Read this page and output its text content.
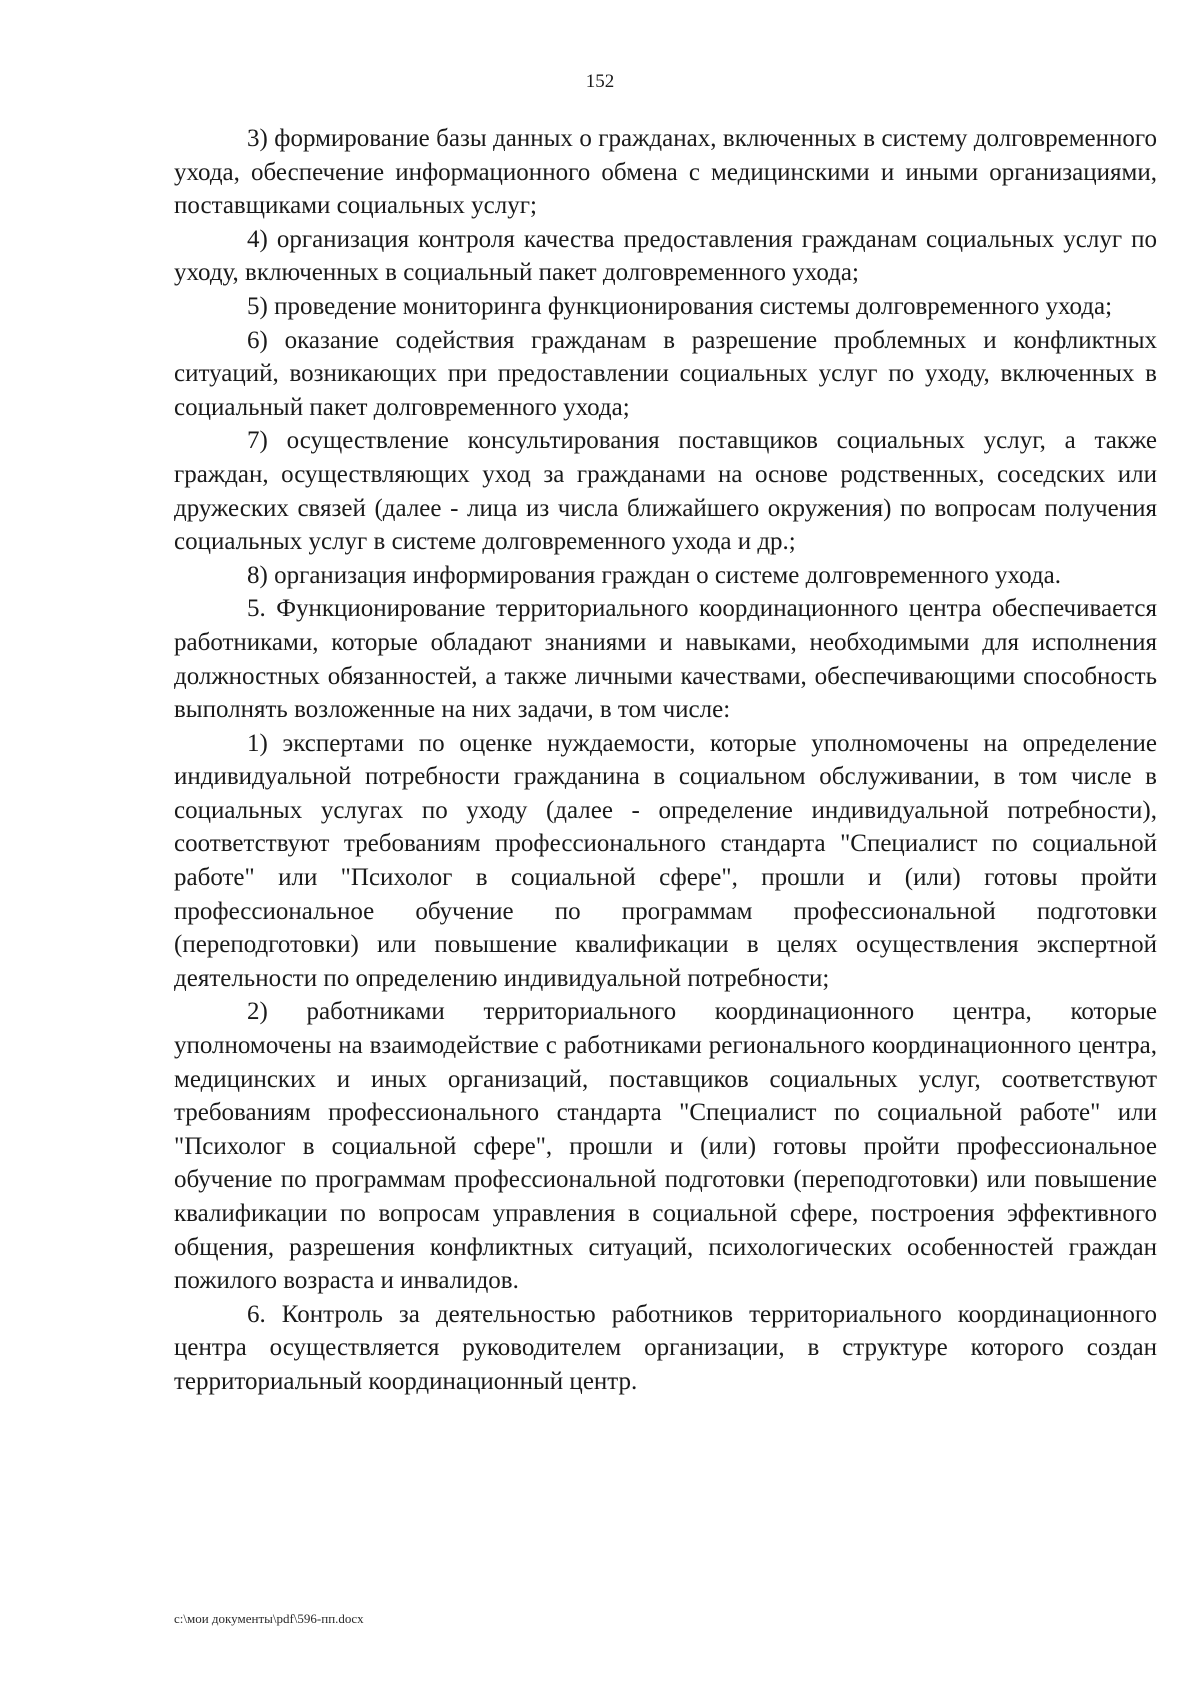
152

3) формирование базы данных о гражданах, включенных в систему долговременного ухода, обеспечение информационного обмена с медицинскими и иными организациями, поставщиками социальных услуг;

4) организация контроля качества предоставления гражданам социальных услуг по уходу, включенных в социальный пакет долговременного ухода;

5) проведение мониторинга функционирования системы долговременного ухода;

6) оказание содействия гражданам в разрешение проблемных и конфликтных ситуаций, возникающих при предоставлении социальных услуг по уходу, включенных в социальный пакет долговременного ухода;

7) осуществление консультирования поставщиков социальных услуг, а также граждан, осуществляющих уход за гражданами на основе родственных, соседских или дружеских связей (далее - лица из числа ближайшего окружения) по вопросам получения социальных услуг в системе долговременного ухода и др.;

8) организация информирования граждан о системе долговременного ухода.

5. Функционирование территориального координационного центра обеспечивается работниками, которые обладают знаниями и навыками, необходимыми для исполнения должностных обязанностей, а также личными качествами, обеспечивающими способность выполнять возложенные на них задачи, в том числе:

1) экспертами по оценке нуждаемости, которые уполномочены на определение индивидуальной потребности гражданина в социальном обслуживании, в том числе в социальных услугах по уходу (далее - определение индивидуальной потребности), соответствуют требованиям профессионального стандарта "Специалист по социальной работе" или "Психолог в социальной сфере", прошли и (или) готовы пройти профессиональное обучение по программам профессиональной подготовки (переподготовки) или повышение квалификации в целях осуществления экспертной деятельности по определению индивидуальной потребности;

2) работниками территориального координационного центра, которые уполномочены на взаимодействие с работниками регионального координационного центра, медицинских и иных организаций, поставщиков социальных услуг, соответствуют требованиям профессионального стандарта "Специалист по социальной работе" или "Психолог в социальной сфере", прошли и (или) готовы пройти профессиональное обучение по программам профессиональной подготовки (переподготовки) или повышение квалификации по вопросам управления в социальной сфере, построения эффективного общения, разрешения конфликтных ситуаций, психологических особенностей граждан пожилого возраста и инвалидов.

6. Контроль за деятельностью работников территориального координационного центра осуществляется руководителем организации, в структуре которого создан территориальный координационный центр.

c:\мои документы\pdf\596-пп.docx
